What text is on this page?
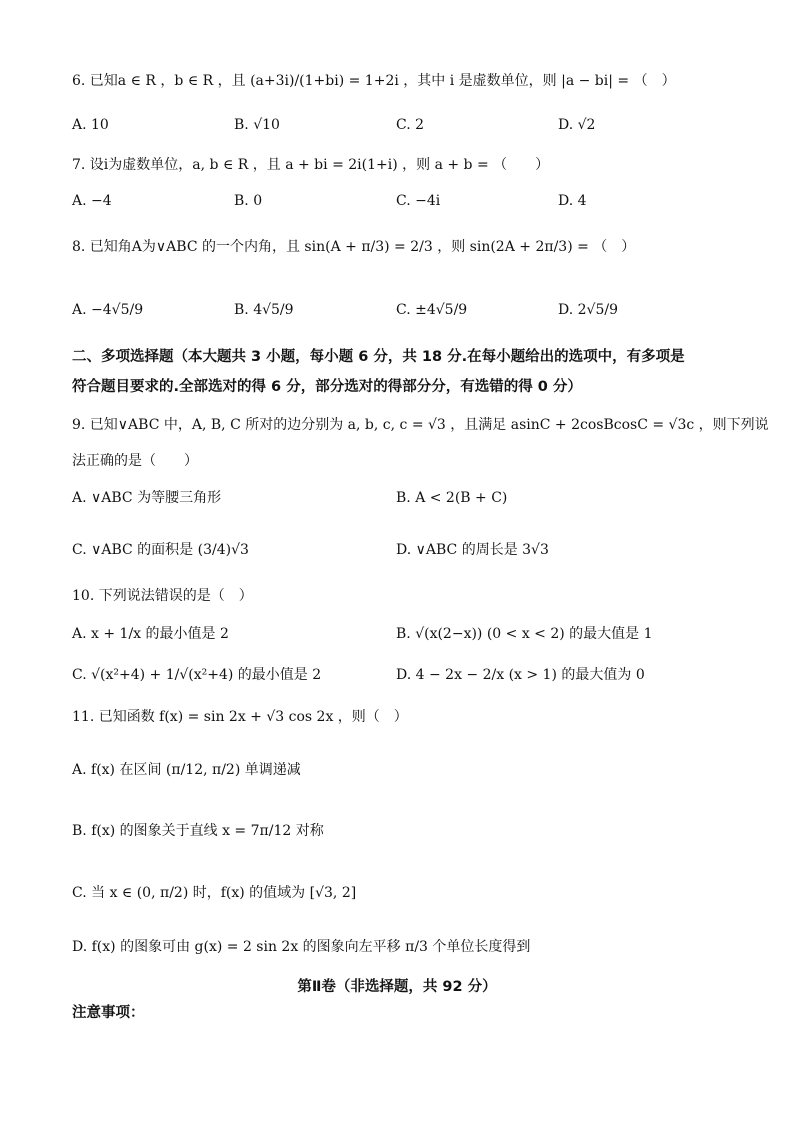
6. 已知a ∈ R ，b ∈ R ，且 (a+3i)/(1+bi) = 1+2i ，其中 i 是虚数单位，则 |a − bi| = （　）
A. 10	B. √10	C. 2	D. √2
7. 设i为虚数单位，a, b ∈ R ，且 a + bi = 2i(1+i) ，则 a + b = （　　）
A. −4	B. 0	C. −4i	D. 4
8. 已知角A为∨ABC 的一个内角，且 sin(A + π/3) = 2/3 ，则 sin(2A + 2π/3) = （　）
A. −4√5/9	B. 4√5/9	C. ±4√5/9	D. 2√5/9
二、多项选择题（本大题共 3 小题，每小题 6 分，共 18 分.在每小题给出的选项中，有多项是
符合题目要求的.全部选对的得 6 分，部分选对的得部分分，有选错的得 0 分）
9. 已知∨ABC 中，A, B, C 所对的边分别为 a, b, c, c = √3 ，且满足 asinC + 2cosBcosC = √3c ，则下列说
法正确的是（　　）
A. ∨ABC 为等腰三角形	B. A < 2(B + C)
C. ∨ABC 的面积是 (3/4)√3	D. ∨ABC 的周长是 3√3
10. 下列说法错误的是（　）
A. x + 1/x 的最小值是 2	B. √(x(2−x)) (0 < x < 2) 的最大值是 1
C. √(x²+4) + 1/√(x²+4) 的最小值是 2	D. 4 − 2x − 2/x (x > 1) 的最大值为 0
11. 已知函数 f(x) = sin 2x + √3 cos 2x ，则（　）
A. f(x) 在区间 (π/12, π/2) 单调递减
B. f(x) 的图象关于直线 x = 7π/12 对称
C. 当 x ∈ (0, π/2) 时，f(x) 的值域为 [√3, 2]
D. f(x) 的图象可由 g(x) = 2 sin 2x 的图象向左平移 π/3 个单位长度得到
第Ⅱ卷（非选择题，共 92 分）
注意事项：
